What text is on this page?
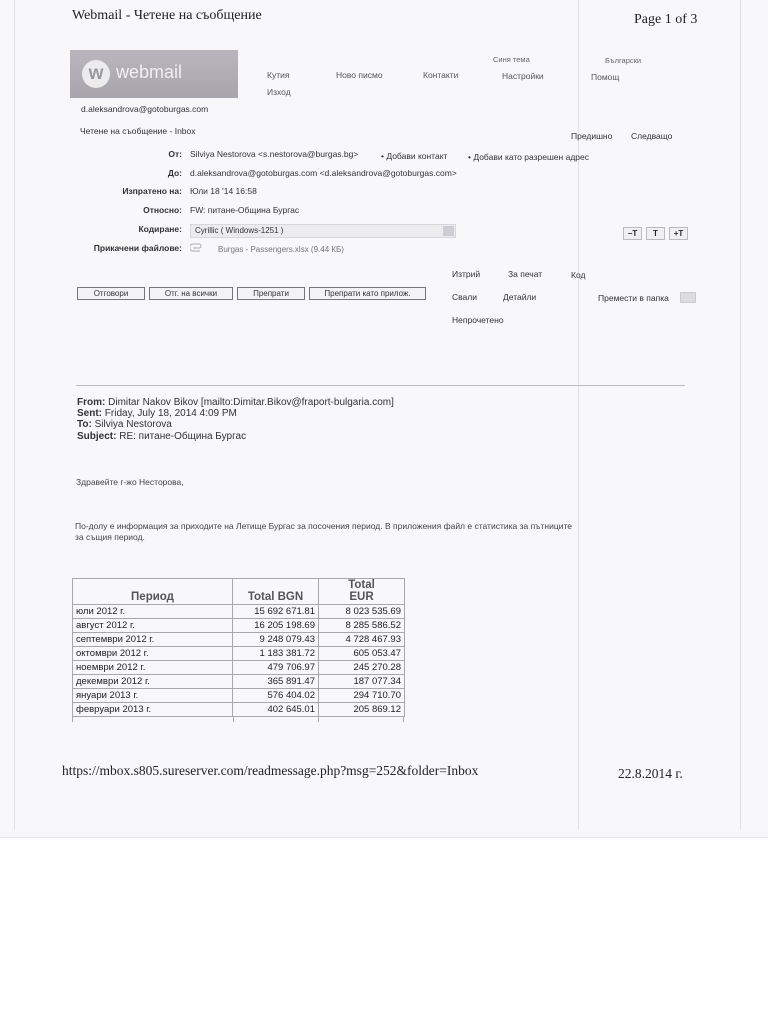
Webmail - Четене на съобщение	Page 1 of 3
w webmail
Синя тема	Български
Кутия	Ново писмо	Контакти	Настройки	Помощ
Изход
d.aleksandrova@gotoburgas.com
Четене на съобщение - Inbox	Предишно Следващо
От: Silviya Nestorova <s.nestorova@burgas.bg>	• Добави контакт • Добави като разрешен адрес
До: d.aleksandrova@gotoburgas.com <d.aleksandrova@gotoburgas.com>
Изпратено на: Юли 18 '14 16:58
Относно: FW: питане-Община Бургас
Кодиране:	Cyrillic ( Windows-1251 )	−T	T	+T
Прикачени файлове:	Burgas - Passengers.xlsx (9.44 КБ)
Изтрий	За печат	Код
Свали	Детайли	Премести в папка
Непрочетено
Отговори	Отг. на всички	Препрати	Препрати като прилож.
From: Dimitar Nakov Bikov [mailto:Dimitar.Bikov@fraport-bulgaria.com]
Sent: Friday, July 18, 2014 4:09 PM
To: Silviya Nestorova
Subject: RE: питане-Община Бургас
Здравейте г-жо Несторова,
По-долу е информация за приходите на Летище Бургас за посочения период. В приложения файл е статистика за пътниците
за същия период.
Период	Total BGN	Total
EUR
юли 2012 г.	15 692 671.81	8 023 535.69
август 2012 г.	16 205 198.69	8 285 586.52
септември 2012 г.	9 248 079.43	4 728 467.93
октомври 2012 г.	1 183 381.72	605 053.47
ноември 2012 г.	479 706.97	245 270.28
декември 2012 г.	365 891.47	187 077.34
януари 2013 г.	576 404.02	294 710.70
февруари 2013 г.	402 645.01	205 869.12
https://mbox.s805.sureserver.com/readmessage.php?msg=252&folder=Inbox	22.8.2014 г.
